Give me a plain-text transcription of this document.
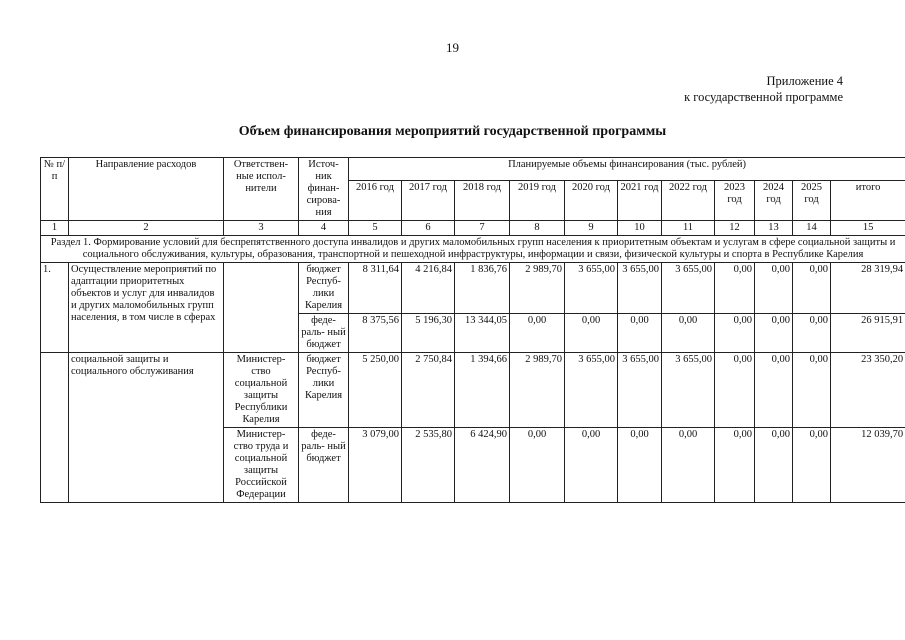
19
Приложение 4
к государственной программе
Объем финансирования мероприятий государственной программы
№ п/п	Направление расходов	Ответствен- ные испол- нители	Источ- ник финан- сирова- ния	Планируемые объемы финансирования (тыс. рублей)										
				2016 год	2017 год	2018 год	2019 год	2020 год	2021 год	2022 год	2023 год	2024 год	2025 год	итого
1	2	3	4	5	6	7	8	9	10	11	12	13	14	15
Раздел 1. Формирование условий для беспрепятственного доступа инвалидов и других маломобильных групп населения к приоритетным объектам и услугам в сфере социальной защиты и социального обслуживания, культуры, образования, транспортной и пешеходной инфраструктуры, информации и связи, физической культуры и спорта в Республике Карелия														
1.	Осуществление мероприятий по адаптации приоритетных объектов и услуг для инвалидов и других маломобильных групп населения, в том числе в сферах		бюджет Респуб- лики Карелия	8 311,64	4 216,84	1 836,76	2 989,70	3 655,00	3 655,00	3 655,00	0,00	0,00	0,00	28 319,94
			феде- раль- ный бюджет	8 375,56	5 196,30	13 344,05	0,00	0,00	0,00	0,00	0,00	0,00	0,00	26 915,91
	социальной защиты и социального обслуживания	Министер- ство социальной защиты Республики Карелия	бюджет Респуб- лики Карелия	5 250,00	2 750,84	1 394,66	2 989,70	3 655,00	3 655,00	3 655,00	0,00	0,00	0,00	23 350,20
		Министер- ство труда и социальной защиты Российской Федерации	феде- раль- ный бюджет	3 079,00	2 535,80	6 424,90	0,00	0,00	0,00	0,00	0,00	0,00	0,00	12 039,70
